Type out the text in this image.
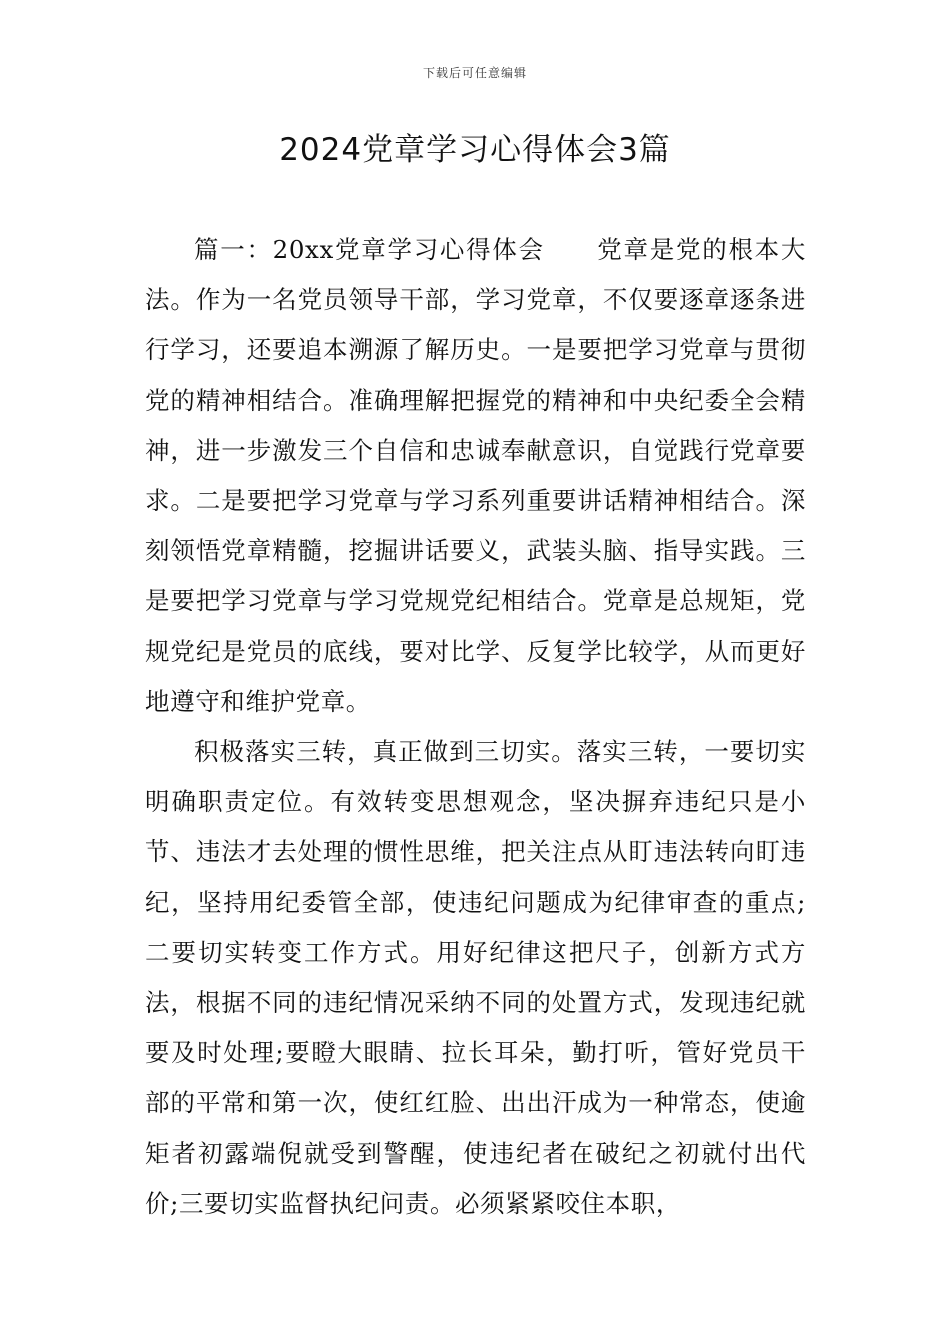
下载后可任意编辑
2024党章学习心得体会3篇

篇一：20xx党章学习心得体会　　党章是党的根本大法。作为一名党员领导干部，学习党章，不仅要逐章逐条进行学习，还要追本溯源了解历史。一是要把学习党章与贯彻党的精神相结合。准确理解把握党的精神和中央纪委全会精神，进一步激发三个自信和忠诚奉献意识，自觉践行党章要求。二是要把学习党章与学习系列重要讲话精神相结合。深刻领悟党章精髓，挖掘讲话要义，武装头脑、指导实践。三是要把学习党章与学习党规党纪相结合。党章是总规矩，党规党纪是党员的底线，要对比学、反复学比较学，从而更好地遵守和维护党章。

积极落实三转，真正做到三切实。落实三转，一要切实明确职责定位。有效转变思想观念，坚决摒弃违纪只是小节、违法才去处理的惯性思维，把关注点从盯违法转向盯违纪，坚持用纪委管全部，使违纪问题成为纪律审查的重点;二要切实转变工作方式。用好纪律这把尺子，创新方式方法，根据不同的违纪情况采纳不同的处置方式，发现违纪就要及时处理;要瞪大眼睛、拉长耳朵，勤打听，管好党员干部的平常和第一次，使红红脸、出出汗成为一种常态，使逾矩者初露端倪就受到警醒，使违纪者在破纪之初就付出代价;三要切实监督执纪问责。必须紧紧咬住本职，
